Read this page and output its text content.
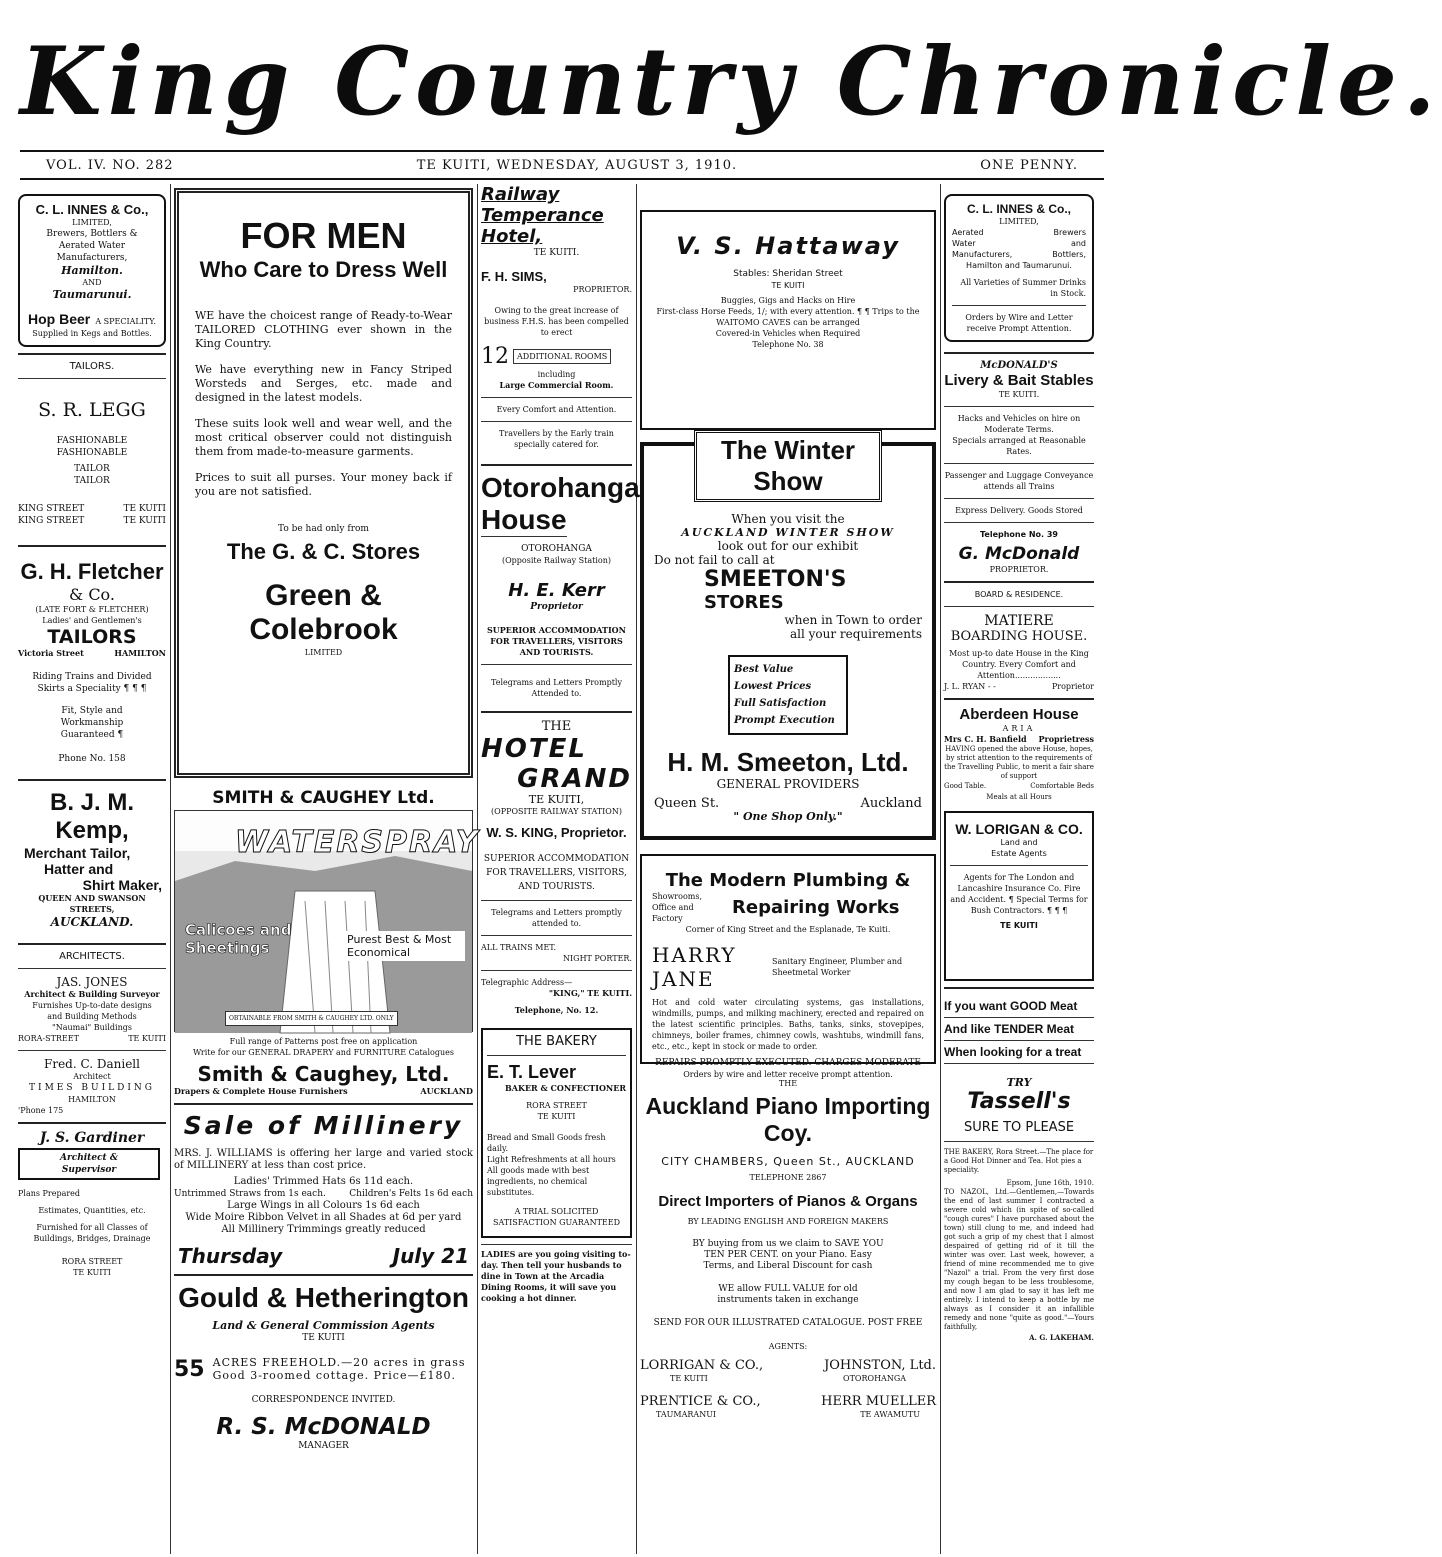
King Country Chronicle.
VOL. IV. NO. 282	TE KUITI, WEDNESDAY, AUGUST 3, 1910.	ONE PENNY.
C. L. INNES & Co.,
LIMITED,
Brewers, Bottlers &
Aerated Water Manufacturers,
Hamilton.
AND
Taumarunui.
Hop Beer A SPECIALITY.
Supplied in Kegs and Bottles.
TAILORS.
S. R. LEGG
FASHIONABLE
FASHIONABLE
TAILOR
TAILOR
KING STREET	TE KUITI
KING STREET	TE KUITI
G. H. Fletcher
& Co.
(LATE FORT & FLETCHER)
Ladies' and Gentlemen's
TAILORS
Victoria Street	HAMILTON
Riding Trains and Divided
Skirts a Speciality ¶ ¶ ¶
Fit, Style and
Workmanship
Guaranteed ¶
Phone No. 158
B. J. M. Kemp,
Merchant Tailor,
Hatter and
Shirt Maker,
QUEEN AND SWANSON STREETS,
AUCKLAND.
ARCHITECTS.
JAS. JONES
Architect & Building Surveyor
Furnishes Up-to-date designs
and Building Methods
"Naumai" Buildings
RORA-STREET	TE KUITI
Fred. C. Daniell
Architect
TIMES BUILDING
HAMILTON
'Phone 175
J. S. Gardiner
Architect &
Supervisor
Plans Prepared
Estimates, Quantities, etc.
Furnished for all Classes of
Buildings, Bridges, Drainage
RORA STREET
TE KUITI
FOR MEN
Who Care to Dress Well
WE have the choicest range of Ready-to-Wear TAILORED CLOTHING ever shown in the King Country.
We have everything new in Fancy Striped Worsteds and Serges, etc. made and designed in the latest models.
These suits look well and wear well, and the most critical observer could not distinguish them from made-to-measure garments.
Prices to suit all purses. Your money back if you are not satisfied.
To be had only from
The G. & C. Stores
Green & Colebrook
LIMITED
SMITH & CAUGHEY Ltd.
WATERSPRAY
Calicoes and Sheetings	Purest Best & Most Economical
OBTAINABLE FROM SMITH & CAUGHEY LTD. ONLY
Full range of Patterns post free on application
Write for our GENERAL DRAPERY and FURNITURE Catalogues
Smith & Caughey, Ltd.
Drapers & Complete House Furnishers	AUCKLAND
Sale of Millinery
MRS. J. WILLIAMS is offering her large and varied stock of MILLINERY at less than cost price.
Ladies' Trimmed Hats 6s 11d each.
Untrimmed Straws from 1s each.	Children's Felts 1s 6d each
Large Wings in all Colours 1s 6d each
Wide Moire Ribbon Velvet in all Shades at 6d per yard
All Millinery Trimmings greatly reduced
Thursday	July 21
Gould & Hetherington
Land & General Commission Agents
TE KUITI
55 ACRES FREEHOLD.—20 acres in grass Good 3-roomed cottage. Price—£180.
CORRESPONDENCE INVITED.
R. S. McDONALD
MANAGER
Railway
Temperance
Hotel,
TE KUITI.
F. H. SIMS,
PROPRIETOR.
Owing to the great increase of business F.H.S. has been compelled to erect
12	ADDITIONAL ROOMS
including
Large Commercial Room.
Every Comfort and Attention.
Travellers by the Early train specially catered for.
Otorohanga
House
OTOROHANGA
(Opposite Railway Station)
H. E. Kerr
Proprietor
SUPERIOR ACCOMMODATION FOR TRAVELLERS, VISITORS AND TOURISTS.
Telegrams and Letters Promptly Attended to.
THE
HOTEL
GRAND
TE KUITI,
(OPPOSITE RAILWAY STATION)
W. S. KING, Proprietor.
SUPERIOR ACCOMMODATION FOR TRAVELLERS, VISITORS, AND TOURISTS.
Telegrams and Letters promptly attended to.
ALL TRAINS MET.
NIGHT PORTER.
Telegraphic Address—
"KING," TE KUITI.
Telephone, No. 12.
THE BAKERY
E. T. Lever
BAKER & CONFECTIONER
RORA STREET
TE KUITI
Bread and Small Goods fresh daily.
Light Refreshments at all hours
All goods made with best ingredients, no chemical substitutes.
A TRIAL SOLICITED
SATISFACTION GUARANTEED
LADIES are you going visiting to-day. Then tell your husbands to dine in Town at the Arcadia Dining Rooms, it will save you cooking a hot dinner.
V. S. Hattaway
Stables: Sheridan Street
TE KUITI
Buggies, Gigs and Hacks on Hire
First-class Horse Feeds, 1/; with every attention. ¶ ¶ Trips to the
WAITOMO CAVES can be arranged
Covered-in Vehicles when Required
Telephone No. 38
The Winter Show
When you visit the
AUCKLAND WINTER SHOW
look out for our exhibit
Do not fail to call at
SMEETON'S
STORES
when in Town to order
all your requirements
Best Value
Lowest Prices
Full Satisfaction
Prompt Execution
H. M. Smeeton, Ltd.
GENERAL PROVIDERS
Queen St.	Auckland
" One Shop Only."
The Modern Plumbing &
Showrooms, Office and Factory
Repairing Works
Corner of King Street and the Esplanade, Te Kuiti.
HARRY JANE
Sanitary Engineer, Plumber and Sheetmetal Worker
Hot and cold water circulating systems, gas installations, windmills, pumps, and milking machinery, erected and repaired on the latest scientific principles. Baths, tanks, sinks, stovepipes, chimneys, boiler frames, chimney cowls, washtubs, windmill fans, etc., etc., kept in stock or made to order.
REPAIRS PROMPTLY EXECUTED. CHARGES MODERATE
Orders by wire and letter receive prompt attention.
THE
Auckland Piano Importing Coy.
CITY CHAMBERS, Queen St., AUCKLAND
TELEPHONE 2867
Direct Importers of Pianos & Organs
BY LEADING ENGLISH AND FOREIGN MAKERS
BY buying from us we claim to SAVE YOU TEN PER CENT. on your Piano. Easy Terms, and Liberal Discount for cash
WE allow FULL VALUE for old instruments taken in exchange
SEND FOR OUR ILLUSTRATED CATALOGUE. POST FREE
AGENTS:
LORRIGAN & CO.,	JOHNSTON, Ltd.
TE KUITI	OTOROHANGA
PRENTICE & CO.,	HERR MUELLER
TAUMARANUI	TE AWAMUTU
C. L. INNES & Co.,
LIMITED,
Aerated	Brewers
Water	and
Manufacturers,	Bottlers,
Hamilton and Taumarunui.
All Varieties of Summer Drinks in Stock.
Orders by Wire and Letter receive Prompt Attention.
McDONALD'S
Livery & Bait Stables
TE KUITI.
Hacks and Vehicles on hire on Moderate Terms.
Specials arranged at Reasonable Rates.
Passenger and Luggage Conveyance attends all Trains
Express Delivery. Goods Stored
Telephone No. 39
G. McDonald
PROPRIETOR.
BOARD & RESIDENCE.
MATIERE
BOARDING HOUSE.
Most up-to date House in the King Country. Every Comfort and Attention..................
J. L. RYAN - -	Proprietor
Aberdeen House
ARIA
Mrs C. H. Banfield Proprietress
HAVING opened the above House, hopes, by strict attention to the requirements of the Travelling Public, to merit a fair share of support
Good Table.	Comfortable Beds
Meals at all Hours
W. LORIGAN & CO.
Land and
Estate Agents
Agents for The London and Lancashire Insurance Co. Fire and Accident. ¶ Special Terms for Bush Contractors. ¶ ¶ ¶
TE KUITI
If you want GOOD Meat
And like TENDER Meat
When looking for a treat
TRY
Tassell's
SURE TO PLEASE
THE BAKERY, Rora Street.—The place for a Good Hot Dinner and Tea. Hot pies a speciality.
Epsom, June 16th, 1910.
TO NAZOL, Ltd.—Gentlemen,—Towards the end of last summer I contracted a severe cold which (in spite of so-called "cough cures" I have purchased about the town) still clung to me, and indeed had got such a grip of my chest that I almost despaired of getting rid of it till the winter was over. Last week, however, a friend of mine recommended me to give "Nazol" a trial. From the very first dose my cough began to be less troublesome, and now I am glad to say it has left me entirely. I intend to keep a bottle by me always as I consider it an infallible remedy and none "quite as good."—Yours faithfully,
A. G. LAKEHAM.
